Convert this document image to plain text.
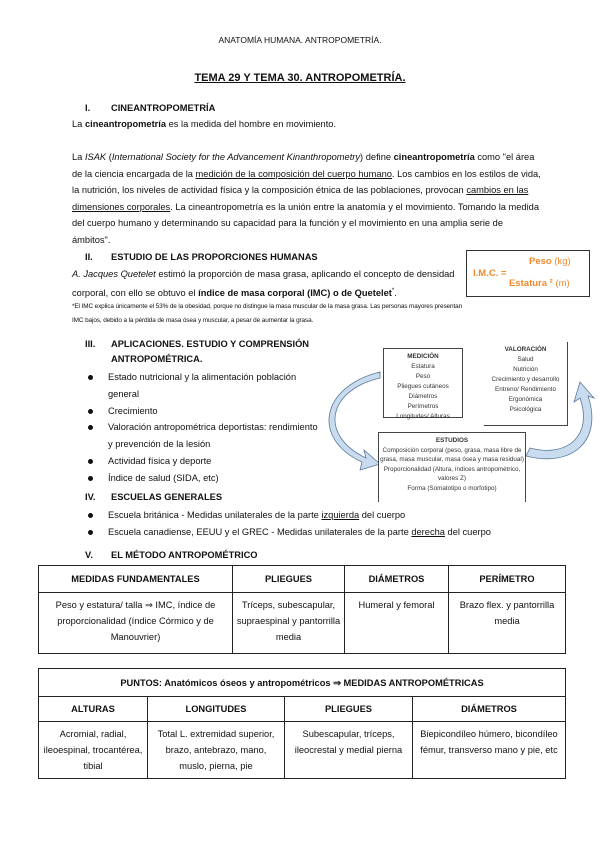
ANATOMÍA HUMANA. ANTROPOMETRÍA.
TEMA 29 Y TEMA 30. ANTROPOMETRÍA.
I. CINEANTROPOMETRÍA
La cineantropometría es la medida del hombre en movimiento.
La ISAK (International Society for the Advancement Kinanthropometry) define cineantropometría como "el área de la ciencia encargada de la medición de la composición del cuerpo humano. Los cambios en los estilos de vida, la nutrición, los niveles de actividad física y la composición étnica de las poblaciones, provocan cambios en las dimensiones corporales. La cineantropometría es la unión entre la anatomía y el movimiento. Tomando la medida del cuerpo humano y determinando su capacidad para la función y el movimiento en una amplia serie de ámbitos".
II. ESTUDIO DE LAS PROPORCIONES HUMANAS
A. Jacques Quetelet estimó la proporción de masa grasa, aplicando el concepto de densidad corporal, con ello se obtuvo el índice de masa corporal (IMC) o de Quetelet*.
*El IMC explica únicamente el 53% de la obesidad, porque no distingue la masa muscular de la masa grasa. Las personas mayores presentan IMC bajos, debido a la pérdida de masa ósea y muscular, a pesar de aumentar la grasa.
I.M.C. =
Peso (kg)
Estatura ² (m)
III.	APLICACIONES. ESTUDIO Y COMPRENSIÓN ANTROPOMÉTRICA.
Estado nutricional y la alimentación población general
Crecimiento
Valoración antropométrica deportistas: rendimiento y prevención de la lesión
Actividad física y deporte
Índice de salud (SIDA, etc)
MEDICIÓN
Estatura
Peso
Pliegues cutáneos
Diámetros
Perímetros
Longitudes/ Alturas
VALORACIÓN
Salud
Nutrición
Crecimiento y desarrollo
Entreno/ Rendimiento
Ergonómica
Psicológica
ESTUDIOS
Composición corporal (peso, grasa, masa libre de grasa, masa muscular, masa ósea y masa residual)
Proporcionalidad (Altura, índices antropométrico, valores Z)
Forma (Somatotipo o morfotipo)
IV. ESCUELAS GENERALES
Escuela británica - Medidas unilaterales de la parte izquierda del cuerpo
Escuela canadiense, EEUU y el GREC - Medidas unilaterales de la parte derecha del cuerpo
V. EL MÉTODO ANTROPOMÉTRICO
MEDIDAS FUNDAMENTALES	PLIEGUES	DIÁMETROS	PERÍMETRO
Peso y estatura/ talla ⇒ IMC, índice de proporcionalidad (índice Córmico y de Manouvrier)	Tríceps, subescapular, supraespinal y pantorrilla media	Humeral y femoral	Brazo flex. y pantorrilla media
PUNTOS: Anatómicos óseos y antropométricos ⇒ MEDIDAS ANTROPOMÉTRICAS			
ALTURAS	LONGITUDES	PLIEGUES	DIÁMETROS
Acromial, radial, ileoespinal, trocantérea, tibial	Total L. extremidad superior, brazo, antebrazo, mano, muslo, pierna, pie	Subescapular, tríceps, ileocrestal y medial pierna	Biepicondíleo húmero, bicondíleo fémur, transverso mano y pie, etc
